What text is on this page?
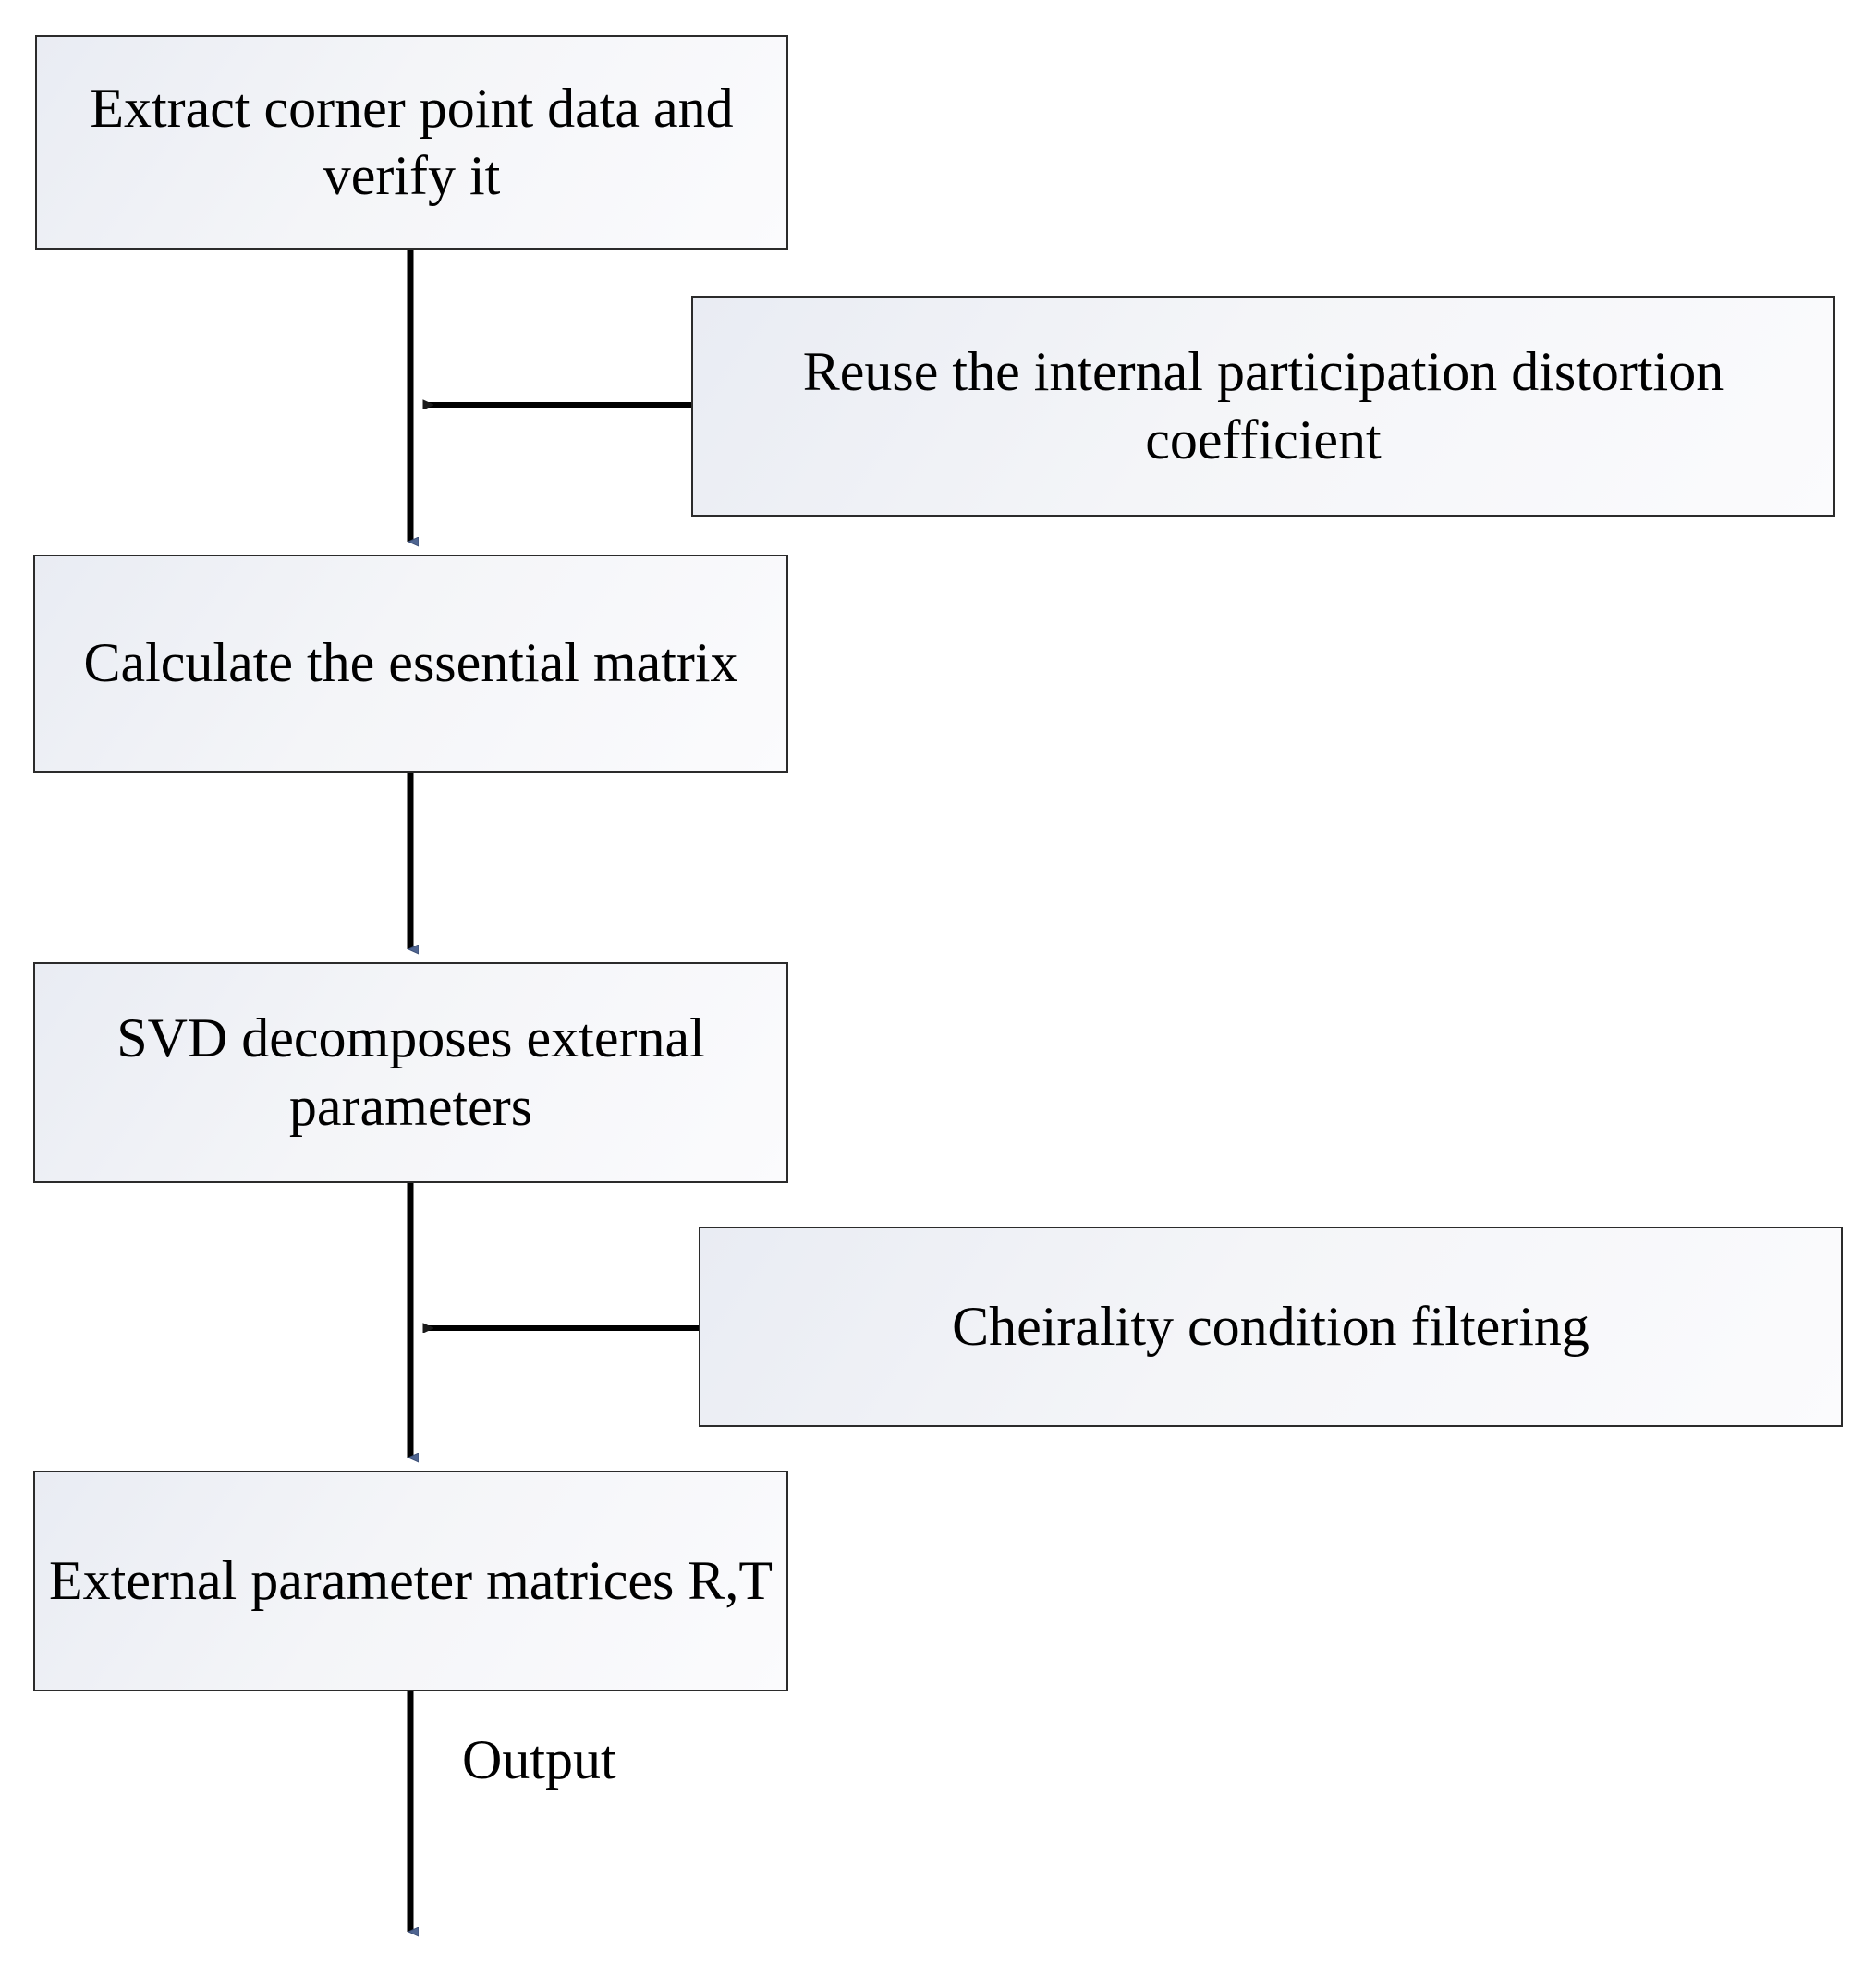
Extract corner point data and verify it
Reuse the internal participation distortion coefficient
Calculate the essential matrix
SVD decomposes external parameters
Cheirality condition filtering
External parameter matrices R,T
Output
